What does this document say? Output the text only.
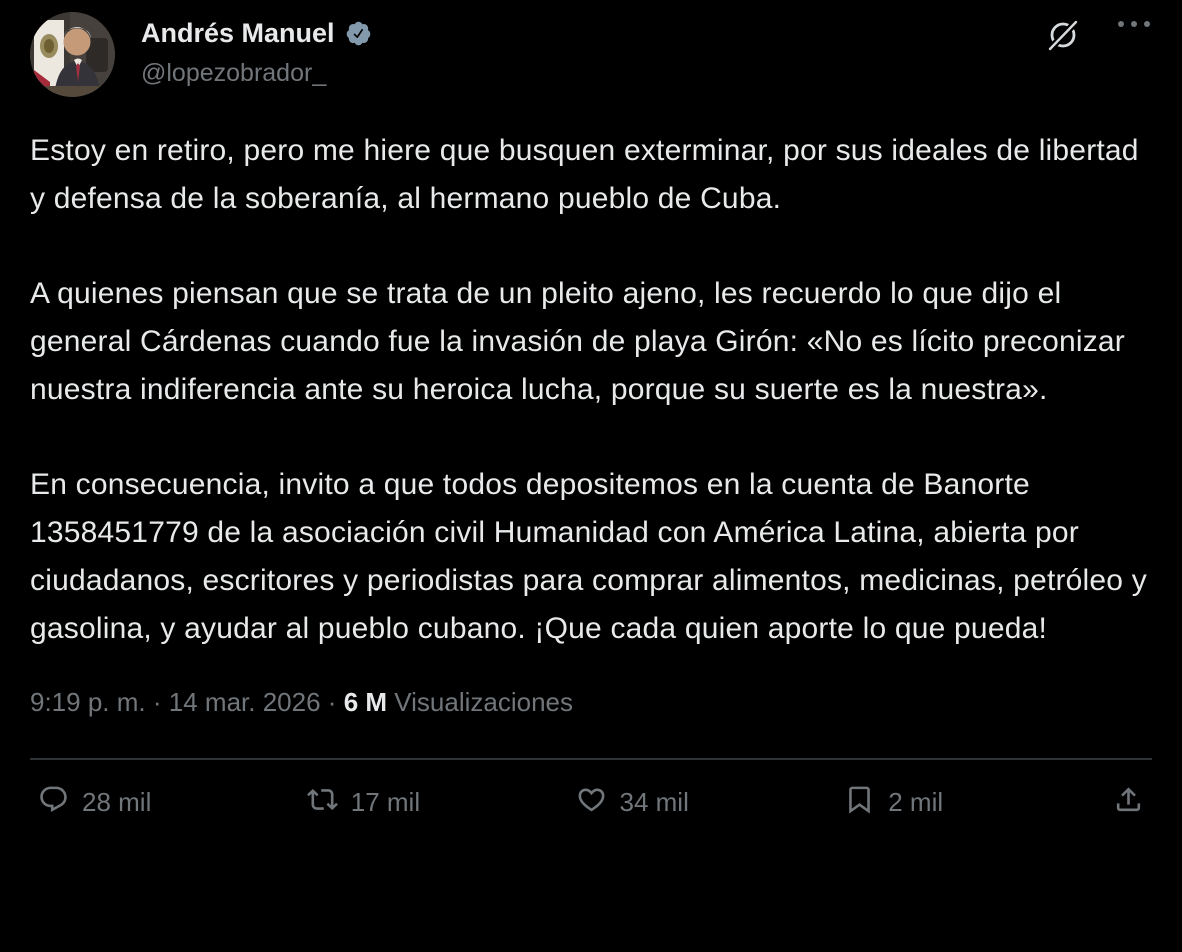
Andrés Manuel
@lopezobrador_

Estoy en retiro, pero me hiere que busquen exterminar, por sus ideales de libertad y defensa de la soberanía, al hermano pueblo de Cuba.

A quienes piensan que se trata de un pleito ajeno, les recuerdo lo que dijo el general Cárdenas cuando fue la invasión de playa Girón: «No es lícito preconizar nuestra indiferencia ante su heroica lucha, porque su suerte es la nuestra».

En consecuencia, invito a que todos depositemos en la cuenta de Banorte 1358451779 de la asociación civil Humanidad con América Latina, abierta por ciudadanos, escritores y periodistas para comprar alimentos, medicinas, petróleo y gasolina, y ayudar al pueblo cubano. ¡Que cada quien aporte lo que pueda!

9:19 p. m. · 14 mar. 2026 · 6 M Visualizaciones
28 mil	17 mil	34 mil	2 mil
